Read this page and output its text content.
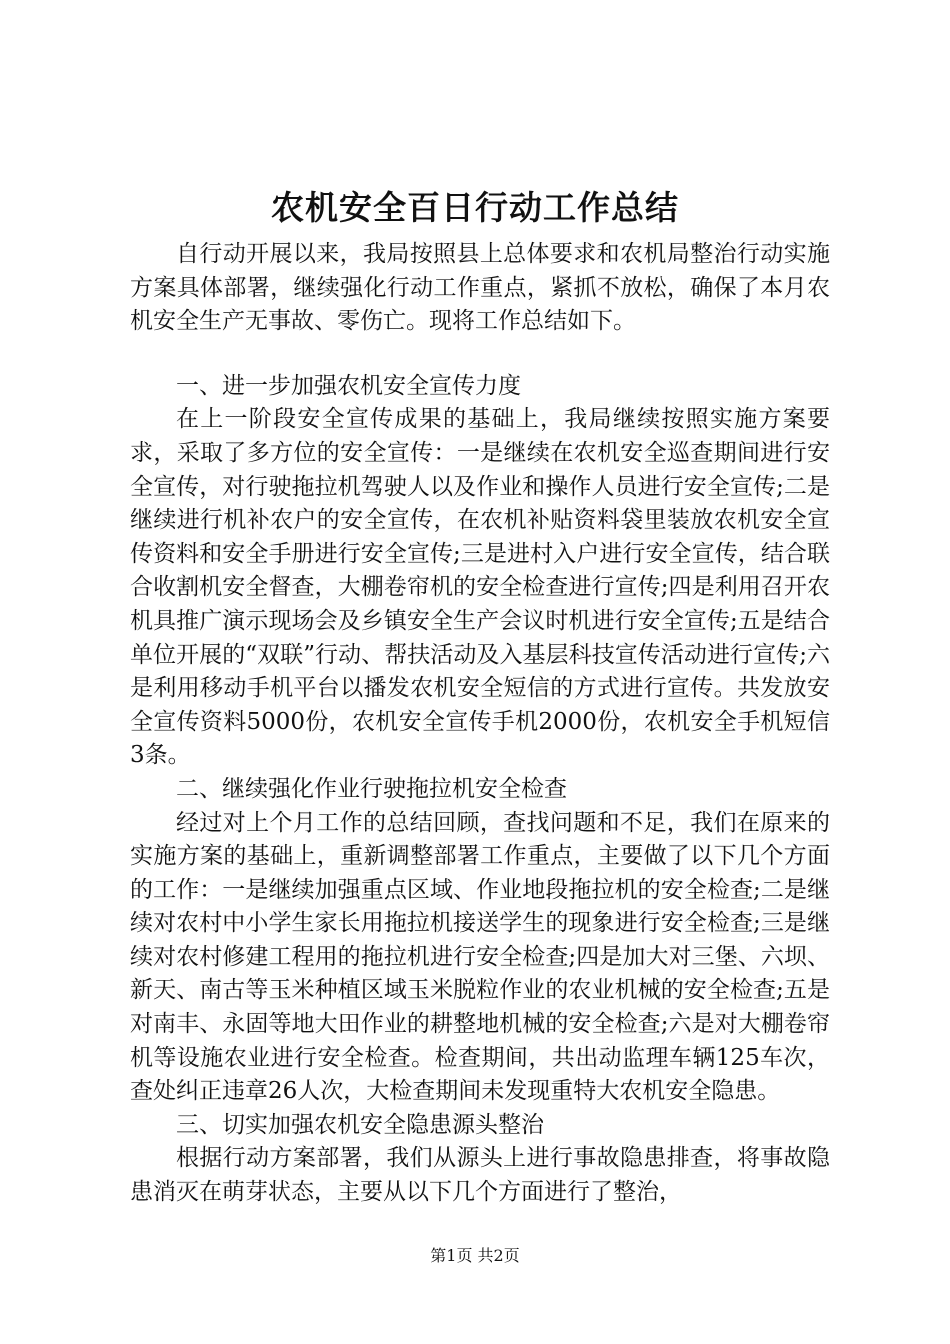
农机安全百日行动工作总结

自行动开展以来，我局按照县上总体要求和农机局整治行动实施方案具体部署，继续强化行动工作重点，紧抓不放松，确保了本月农机安全生产无事故、零伤亡。现将工作总结如下。

一、进一步加强农机安全宣传力度

在上一阶段安全宣传成果的基础上，我局继续按照实施方案要求，采取了多方位的安全宣传：一是继续在农机安全巡查期间进行安全宣传，对行驶拖拉机驾驶人以及作业和操作人员进行安全宣传;二是继续进行机补农户的安全宣传，在农机补贴资料袋里装放农机安全宣传资料和安全手册进行安全宣传;三是进村入户进行安全宣传，结合联合收割机安全督查，大棚卷帘机的安全检查进行宣传;四是利用召开农机具推广演示现场会及乡镇安全生产会议时机进行安全宣传;五是结合单位开展的“双联”行动、帮扶活动及入基层科技宣传活动进行宣传;六是利用移动手机平台以播发农机安全短信的方式进行宣传。共发放安全宣传资料5000份，农机安全宣传手机2000份，农机安全手机短信3条。

二、继续强化作业行驶拖拉机安全检查

经过对上个月工作的总结回顾，查找问题和不足，我们在原来的实施方案的基础上，重新调整部署工作重点，主要做了以下几个方面的工作：一是继续加强重点区域、作业地段拖拉机的安全检查;二是继续对农村中小学生家长用拖拉机接送学生的现象进行安全检查;三是继续对农村修建工程用的拖拉机进行安全检查;四是加大对三堡、六坝、新天、南古等玉米种植区域玉米脱粒作业的农业机械的安全检查;五是对南丰、永固等地大田作业的耕整地机械的安全检查;六是对大棚卷帘机等设施农业进行安全检查。检查期间，共出动监理车辆125车次，查处纠正违章26人次，大检查期间未发现重特大农机安全隐患。

三、切实加强农机安全隐患源头整治

根据行动方案部署，我们从源头上进行事故隐患排查，将事故隐患消灭在萌芽状态，主要从以下几个方面进行了整治，

第1页 共2页
